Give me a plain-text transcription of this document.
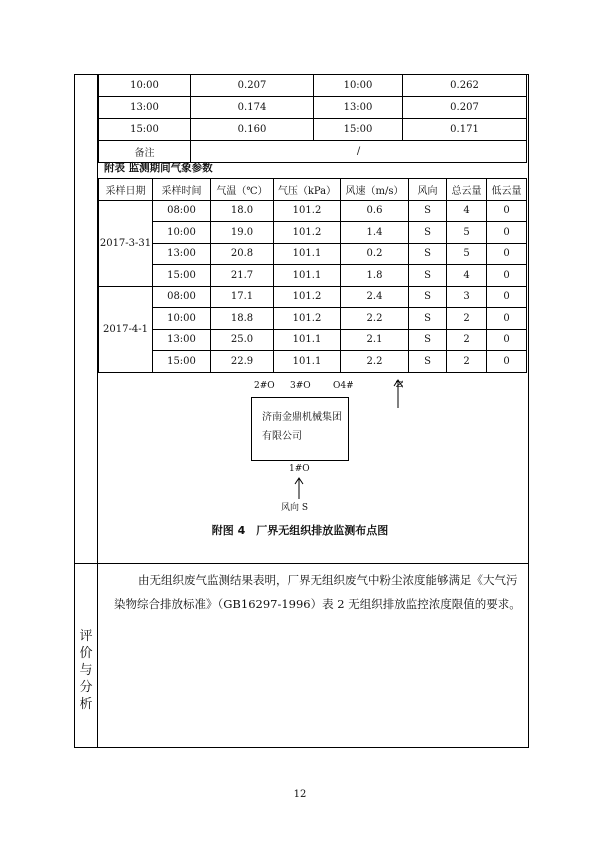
10:00	0.207	10:00	0.262
13:00	0.174	13:00	0.207
15:00	0.160	15:00	0.171
备注	/		
附表 监测期间气象参数
采样日期	采样时间	气温（℃）	气压（kPa）	风速（m/s）	风向	总云量	低云量
2017-3-31	08:00	18.0	101.2	0.6	S	4	0
	10:00	19.0	101.2	1.4	S	5	0
	13:00	20.8	101.1	0.2	S	5	0
	15:00	21.7	101.1	1.8	S	4	0
2017-4-1	08:00	17.1	101.2	2.4	S	3	0
	10:00	18.8	101.2	2.2	S	2	0
	13:00	25.0	101.1	2.1	S	2	0
	15:00	22.9	101.1	2.2	S	2	0
2#O 3#O O4#
济南金鼎机械集团有限公司
N
1#O
风向 S
附图 4　厂界无组织排放监测布点图
评
价
与
分
析

由无组织废气监测结果表明，厂界无组织废气中粉尘浓度能够满足《大气污染物综合排放标准》（GB16297-1996）表 2 无组织排放监控浓度限值的要求。

12
